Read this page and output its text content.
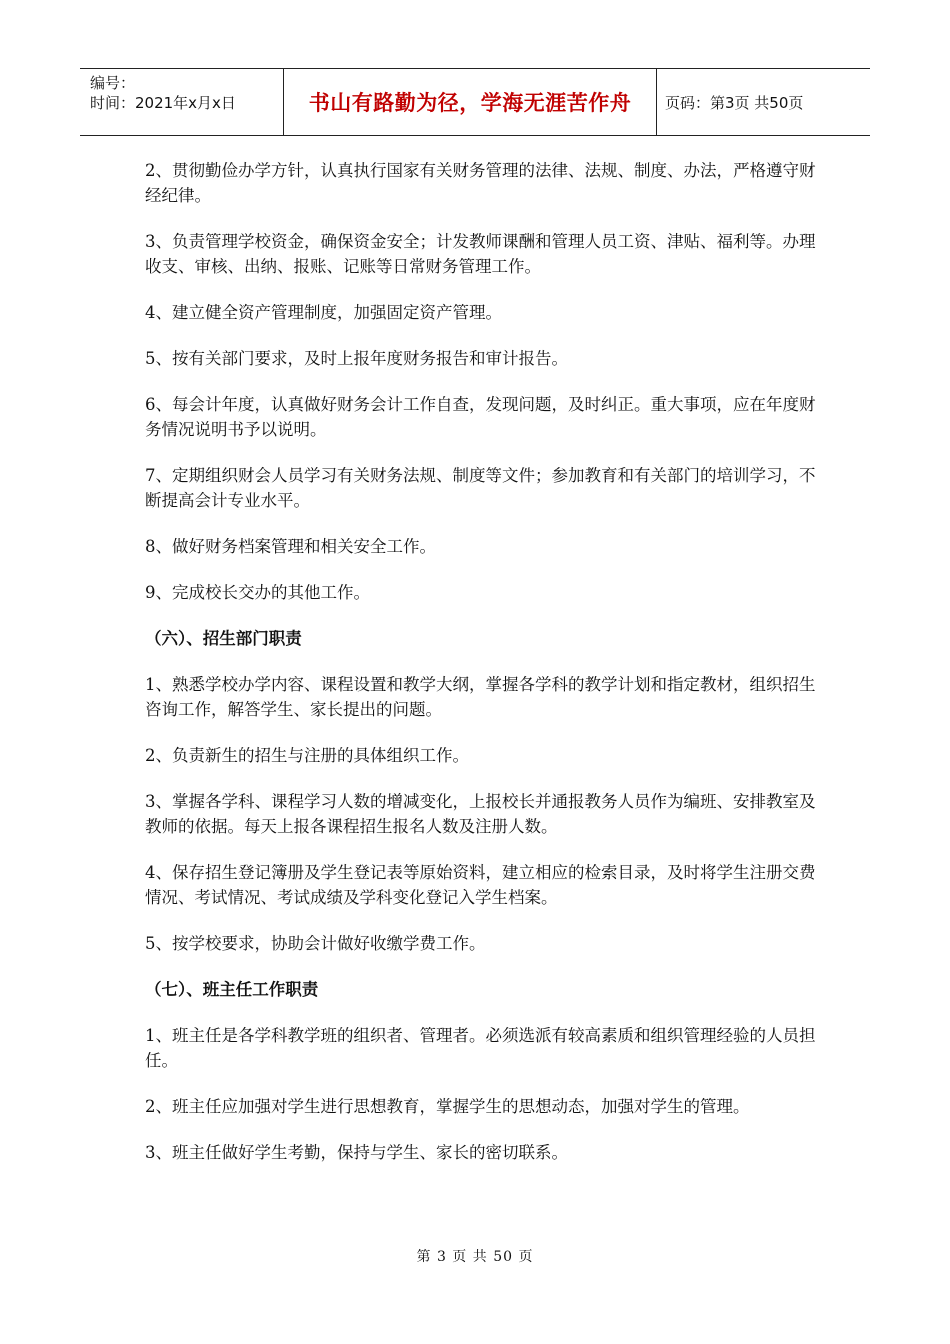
编号：
时间：2021年x月x日	书山有路勤为径，学海无涯苦作舟 页码：第3页 共50页

2、贯彻勤俭办学方针，认真执行国家有关财务管理的法律、法规、制度、办法，严格遵守财经纪律。

3、负责管理学校资金，确保资金安全；计发教师课酬和管理人员工资、津贴、福利等。办理收支、审核、出纳、报账、记账等日常财务管理工作。

4、建立健全资产管理制度，加强固定资产管理。

5、按有关部门要求，及时上报年度财务报告和审计报告。

6、每会计年度，认真做好财务会计工作自查，发现问题，及时纠正。重大事项，应在年度财务情况说明书予以说明。

7、定期组织财会人员学习有关财务法规、制度等文件；参加教育和有关部门的培训学习，不断提高会计专业水平。

8、做好财务档案管理和相关安全工作。

9、完成校长交办的其他工作。

（六）、招生部门职责

1、熟悉学校办学内容、课程设置和教学大纲，掌握各学科的教学计划和指定教材，组织招生咨询工作，解答学生、家长提出的问题。

2、负责新生的招生与注册的具体组织工作。

3、掌握各学科、课程学习人数的增减变化，上报校长并通报教务人员作为编班、安排教室及教师的依据。每天上报各课程招生报名人数及注册人数。

4、保存招生登记簿册及学生登记表等原始资料，建立相应的检索目录，及时将学生注册交费情况、考试情况、考试成绩及学科变化登记入学生档案。

5、按学校要求，协助会计做好收缴学费工作。

（七）、班主任工作职责

1、班主任是各学科教学班的组织者、管理者。必须选派有较高素质和组织管理经验的人员担任。

2、班主任应加强对学生进行思想教育，掌握学生的思想动态，加强对学生的管理。

3、班主任做好学生考勤，保持与学生、家长的密切联系。

第 3 页 共 50 页
